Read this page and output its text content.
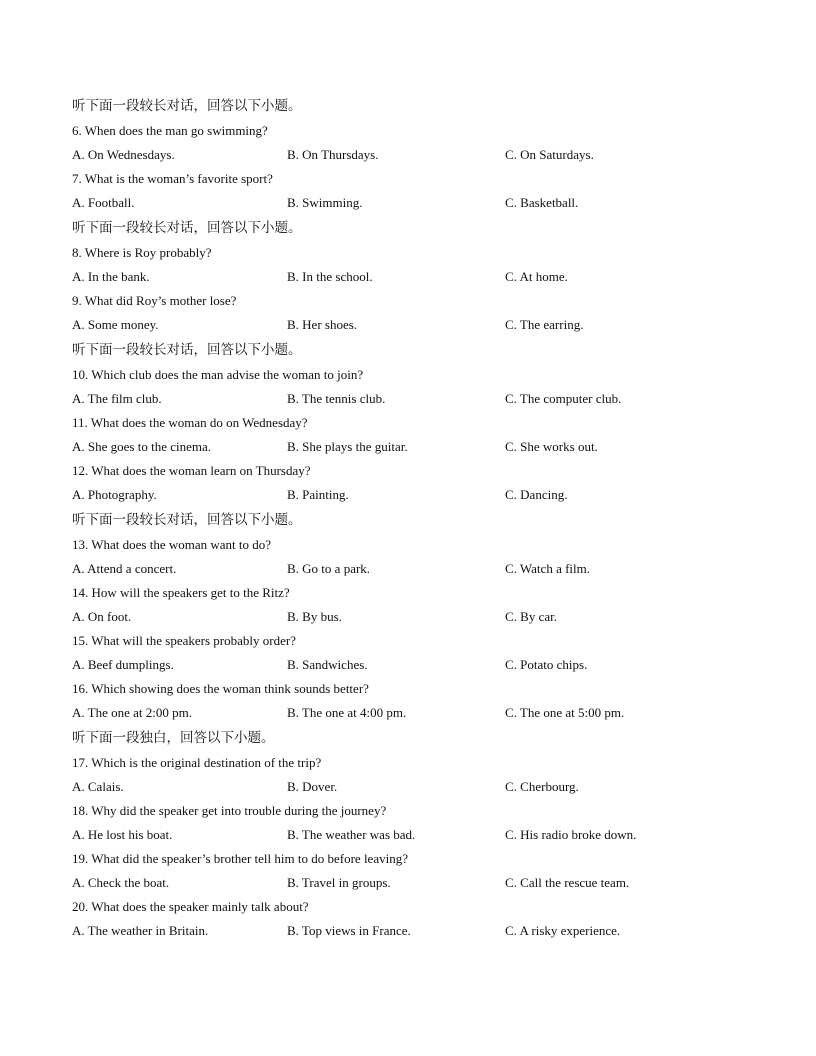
听下面一段较长对话，回答以下小题。
6. When does the man go swimming?
A. On Wednesdays.	B. On Thursdays.	C. On Saturdays.
7. What is the woman’s favorite sport?
A. Football.	B. Swimming.	C. Basketball.
听下面一段较长对话，回答以下小题。
8. Where is Roy probably?
A. In the bank.	B. In the school.	C. At home.
9. What did Roy’s mother lose?
A. Some money.	B. Her shoes.	C. The earring.
听下面一段较长对话，回答以下小题。
10. Which club does the man advise the woman to join?
A. The film club.	B. The tennis club.	C. The computer club.
11. What does the woman do on Wednesday?
A. She goes to the cinema.	B. She plays the guitar.	C. She works out.
12. What does the woman learn on Thursday?
A. Photography.	B. Painting.	C. Dancing.
听下面一段较长对话，回答以下小题。
13. What does the woman want to do?
A. Attend a concert.	B. Go to a park.	C. Watch a film.
14. How will the speakers get to the Ritz?
A. On foot.	B. By bus.	C. By car.
15. What will the speakers probably order?
A. Beef dumplings.	B. Sandwiches.	C. Potato chips.
16. Which showing does the woman think sounds better?
A. The one at 2:00 pm.	B. The one at 4:00 pm.	C. The one at 5:00 pm.
听下面一段独白，回答以下小题。
17. Which is the original destination of the trip?
A. Calais.	B. Dover.	C. Cherbourg.
18. Why did the speaker get into trouble during the journey?
A. He lost his boat.	B. The weather was bad.	C. His radio broke down.
19. What did the speaker’s brother tell him to do before leaving?
A. Check the boat.	B. Travel in groups.	C. Call the rescue team.
20. What does the speaker mainly talk about?
A. The weather in Britain.	B. Top views in France.	C. A risky experience.
